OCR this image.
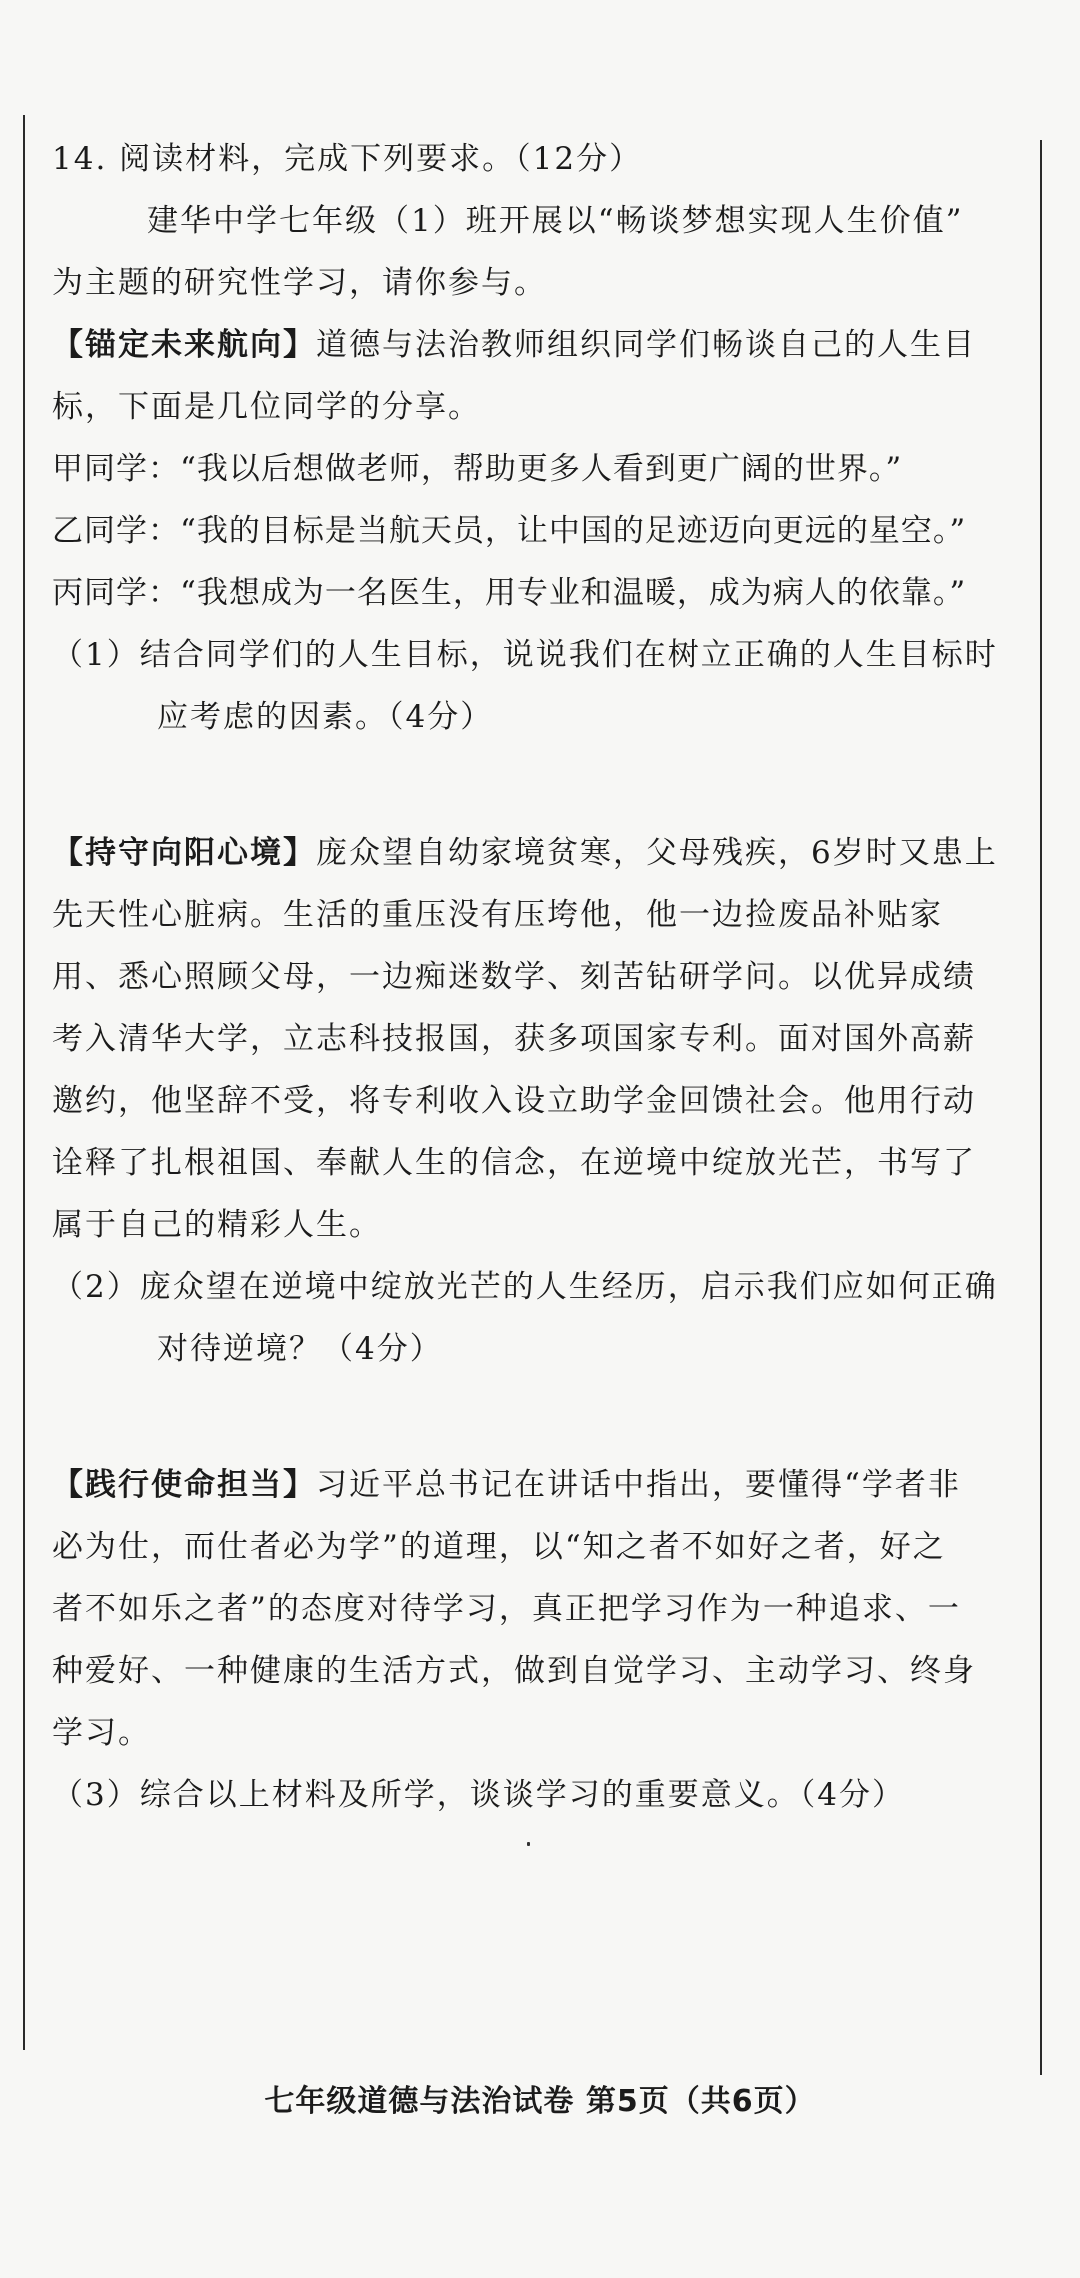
14. 阅读材料，完成下列要求。（12分）
建华中学七年级（1）班开展以“畅谈梦想实现人生价值”
为主题的研究性学习，请你参与。
【锚定未来航向】道德与法治教师组织同学们畅谈自己的人生目
标，下面是几位同学的分享。
甲同学：“我以后想做老师，帮助更多人看到更广阔的世界。”
乙同学：“我的目标是当航天员，让中国的足迹迈向更远的星空。”
丙同学：“我想成为一名医生，用专业和温暖，成为病人的依靠。”
（1）结合同学们的人生目标，说说我们在树立正确的人生目标时
应考虑的因素。（4分）
【持守向阳心境】庞众望自幼家境贫寒，父母残疾，6岁时又患上
先天性心脏病。生活的重压没有压垮他，他一边捡废品补贴家
用、悉心照顾父母，一边痴迷数学、刻苦钻研学问。以优异成绩
考入清华大学，立志科技报国，获多项国家专利。面对国外高薪
邀约，他坚辞不受，将专利收入设立助学金回馈社会。他用行动
诠释了扎根祖国、奉献人生的信念，在逆境中绽放光芒，书写了
属于自己的精彩人生。
（2）庞众望在逆境中绽放光芒的人生经历，启示我们应如何正确
对待逆境？（4分）
【践行使命担当】习近平总书记在讲话中指出，要懂得“学者非
必为仕，而仕者必为学”的道理，以“知之者不如好之者，好之
者不如乐之者”的态度对待学习，真正把学习作为一种追求、一
种爱好、一种健康的生活方式，做到自觉学习、主动学习、终身
学习。
（3）综合以上材料及所学，谈谈学习的重要意义。（4分）
七年级道德与法治试卷 第5页（共6页）
